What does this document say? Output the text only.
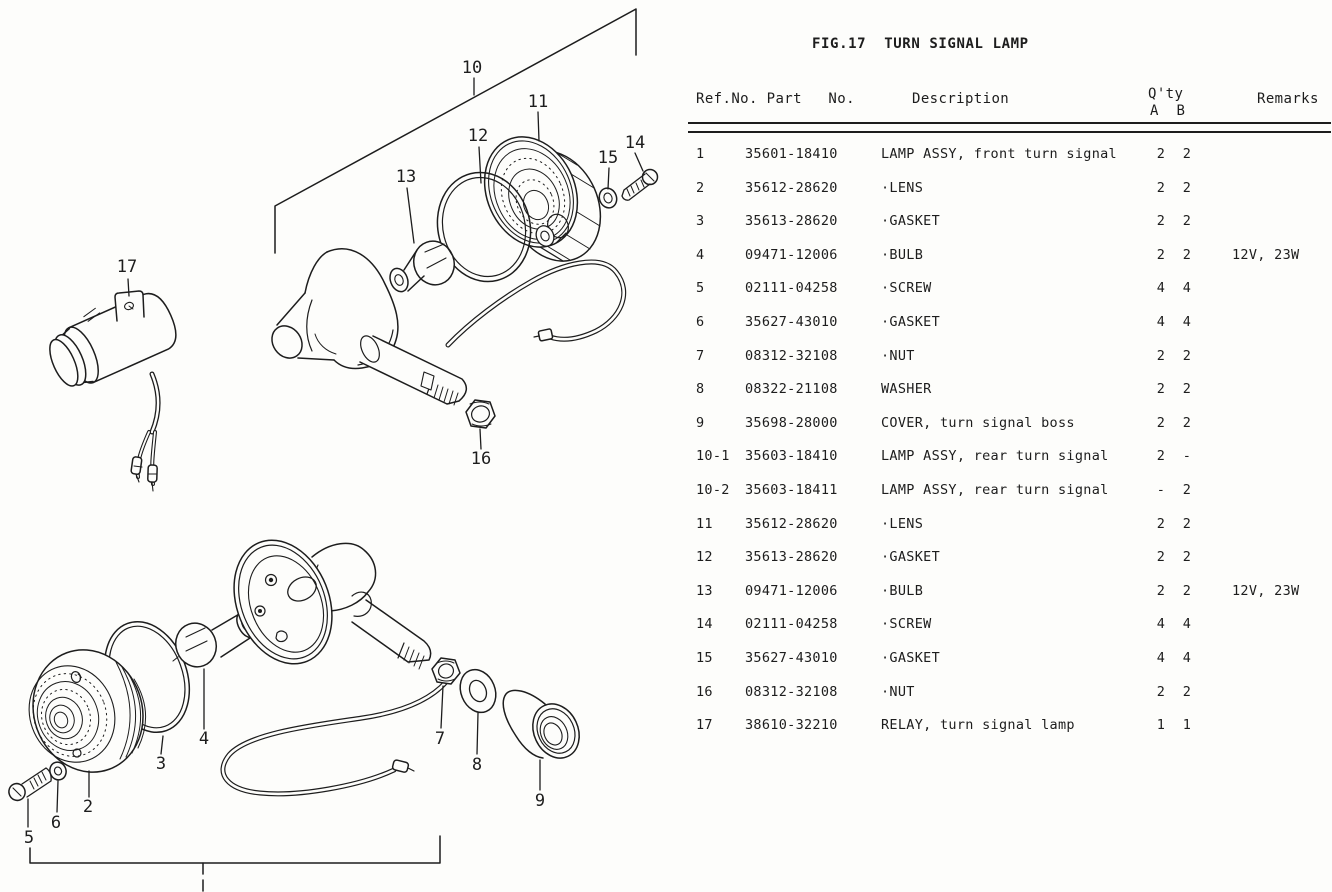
10
11
12
13
14
15
16
17
2
3
4
5
6
7
8
9
FIG.17  TURN SIGNAL LAMP
Ref.No. Part   No.	Description	Q'ty
A  B
Remarks
1	35601-18410	LAMP ASSY, front turn signal	2	2
2	35612-28620	·LENS	2	2
3	35613-28620	·GASKET	2	2
4	09471-12006	·BULB	2	2	12V, 23W
5	02111-04258	·SCREW	4	4
6	35627-43010	·GASKET	4	4
7	08312-32108	·NUT	2	2
8	08322-21108	WASHER	2	2
9	35698-28000	COVER, turn signal boss	2	2
10-1	35603-18410	LAMP ASSY, rear turn signal	2	-
10-2	35603-18411	LAMP ASSY, rear turn signal	-	2
11	35612-28620	·LENS	2	2
12	35613-28620	·GASKET	2	2
13	09471-12006	·BULB	2	2	12V, 23W
14	02111-04258	·SCREW	4	4
15	35627-43010	·GASKET	4	4
16	08312-32108	·NUT	2	2
17	38610-32210	RELAY, turn signal lamp	1	1
